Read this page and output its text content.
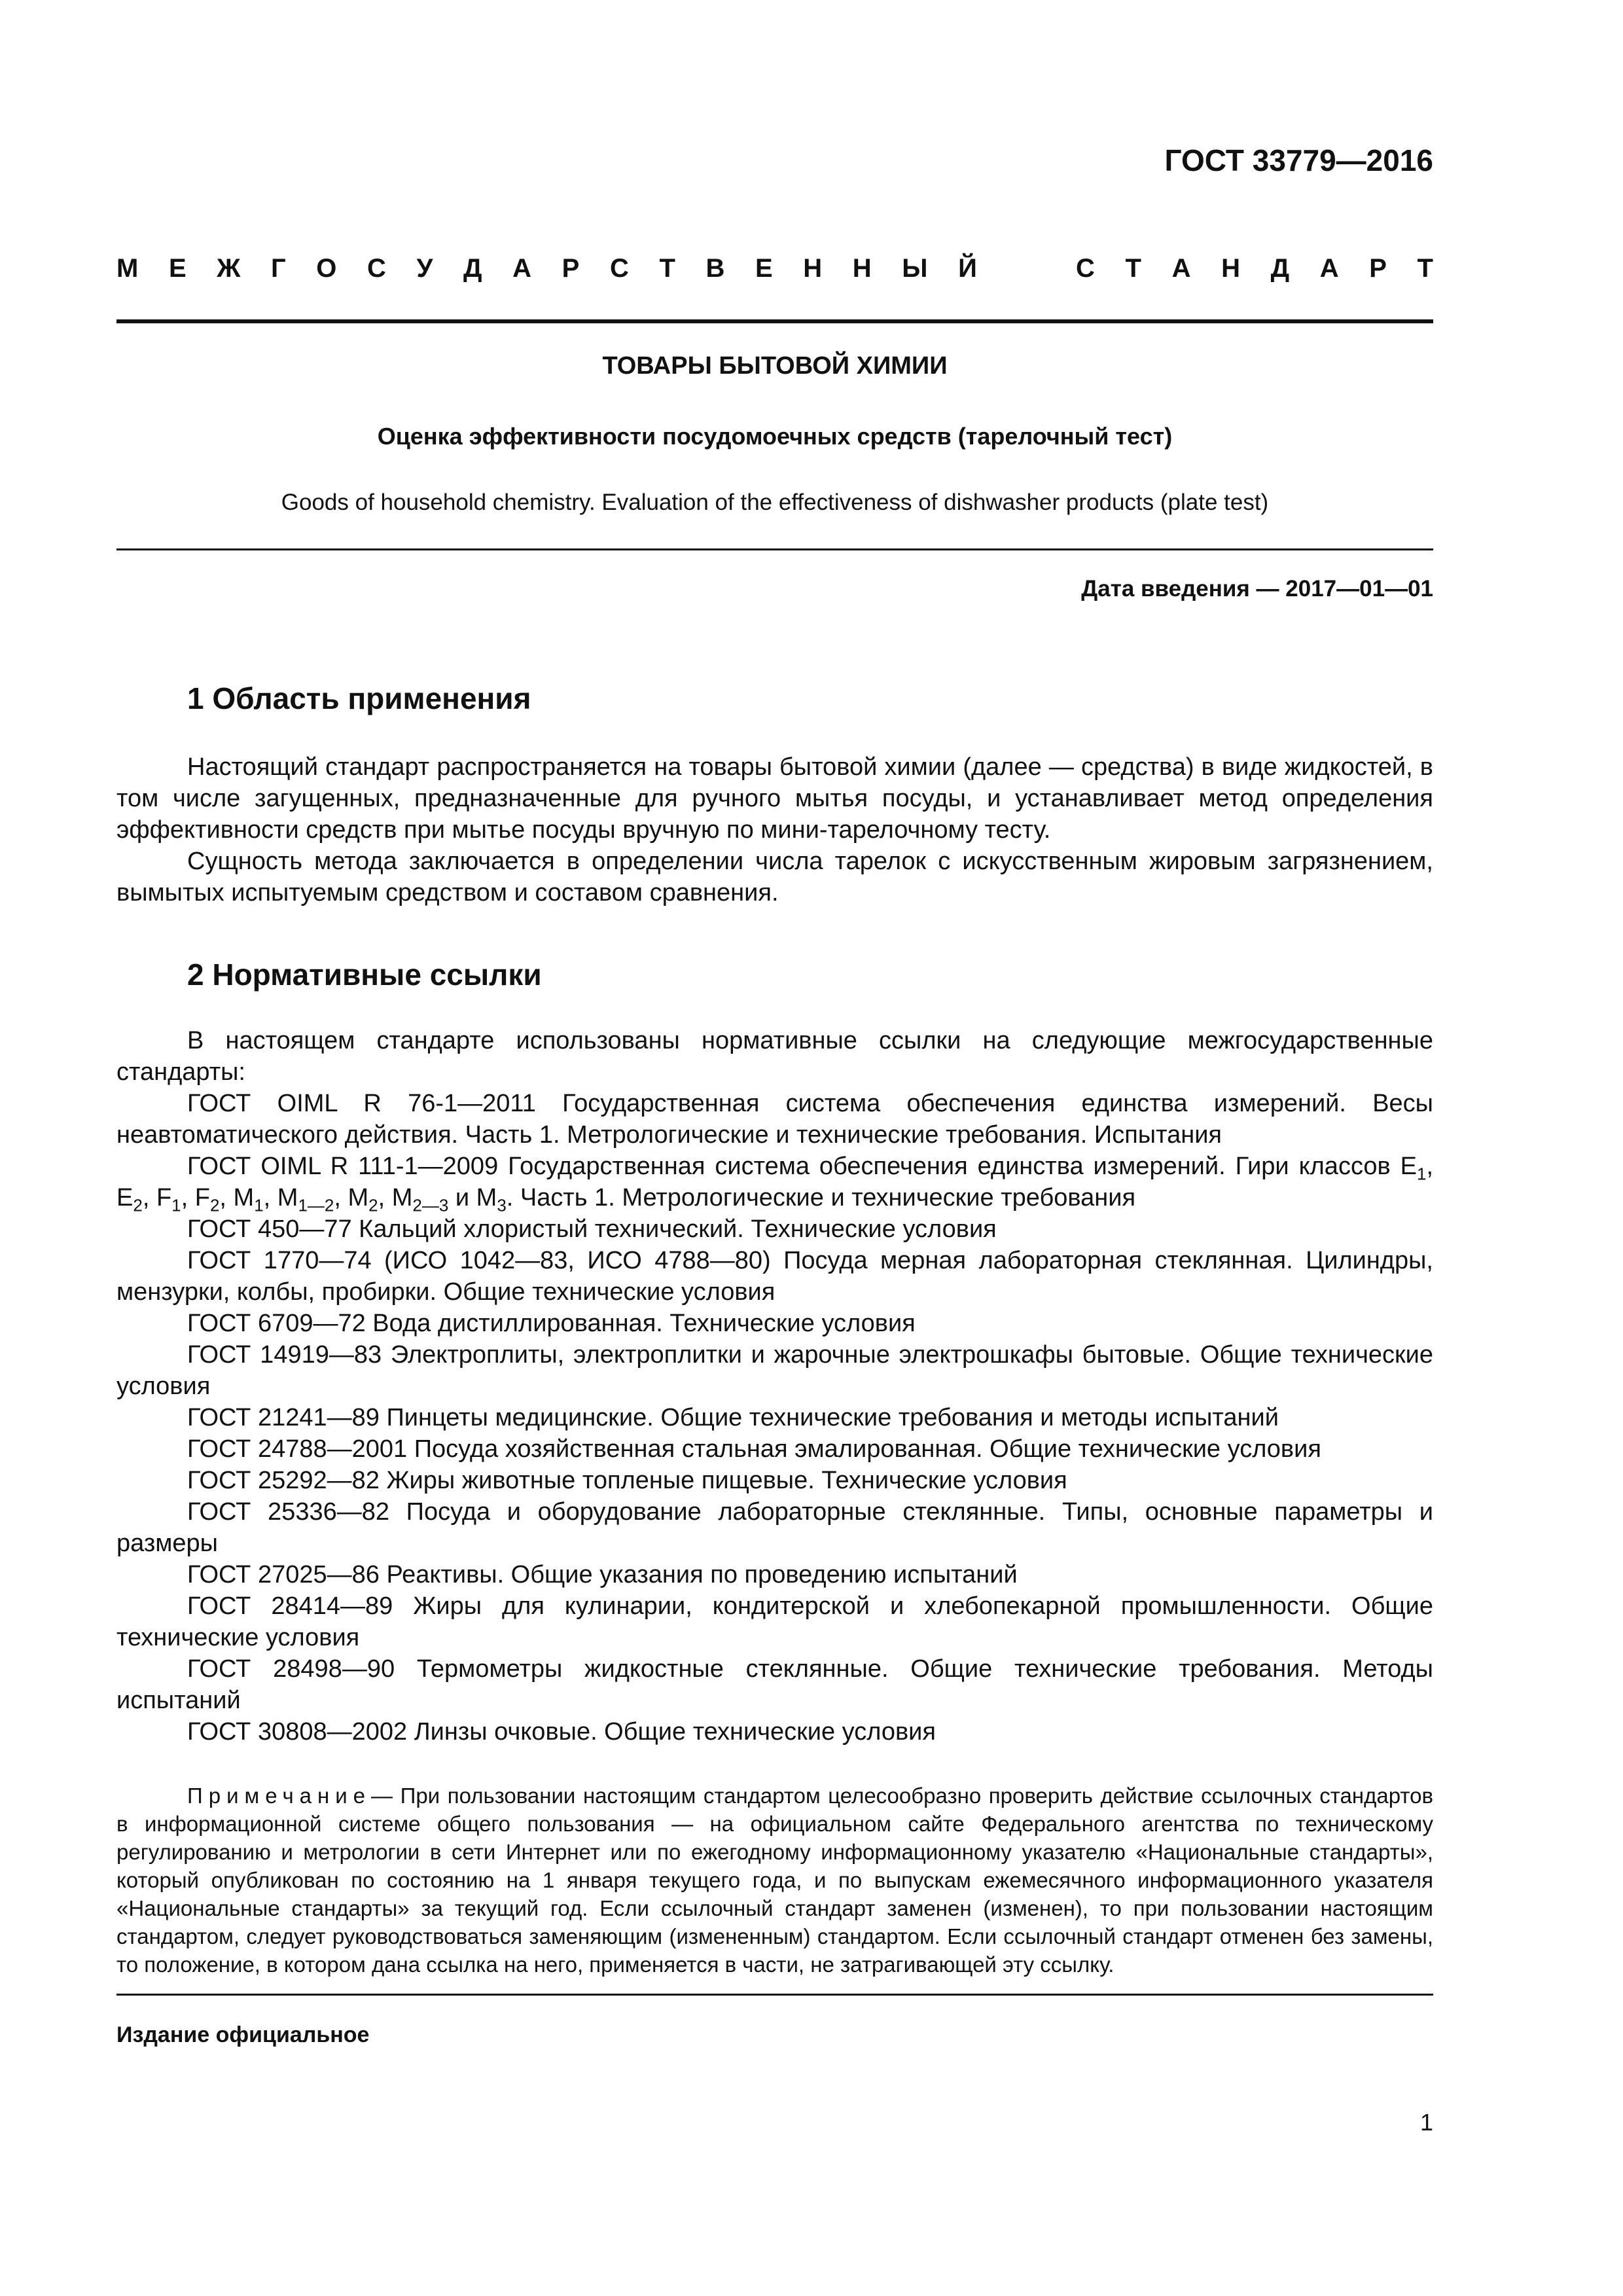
ГОСТ 33779—2016
М Е Ж Г О С У Д А Р С Т В Е Н Н Ы Й	С Т А Н Д А Р Т
ТОВАРЫ БЫТОВОЙ ХИМИИ
Оценка эффективности посудомоечных средств (тарелочный тест)
Goods of household chemistry. Evaluation of the effectiveness of dishwasher products (plate test)
Дата введения — 2017—01—01
1 Область применения

Настоящий стандарт распространяется на товары бытовой химии (далее — средства) в виде жидкостей, в том числе загущенных, предназначенные для ручного мытья посуды, и устанавливает метод определения эффективности средств при мытье посуды вручную по мини-тарелочному тесту.

Сущность метода заключается в определении числа тарелок с искусственным жировым загрязнением, вымытых испытуемым средством и составом сравнения.

2 Нормативные ссылки

В настоящем стандарте использованы нормативные ссылки на следующие межгосударственные стандарты:

ГОСТ OIML R 76-1—2011 Государственная система обеспечения единства измерений. Весы неавтоматического действия. Часть 1. Метрологические и технические требования. Испытания

ГОСТ OIML R 111-1—2009 Государственная система обеспечения единства измерений. Гири классов $E_1$, $E_2$, $F_1$, $F_2$, $M_1$, $M_{1—2}$, $M_2$, $M_{2—3}$ и $M_3$. Часть 1. Метрологические и технические требования

ГОСТ 450—77 Кальций хлористый технический. Технические условия

ГОСТ 1770—74 (ИСО 1042—83, ИСО 4788—80) Посуда мерная лабораторная стеклянная. Цилиндры, мензурки, колбы, пробирки. Общие технические условия

ГОСТ 6709—72 Вода дистиллированная. Технические условия

ГОСТ 14919—83 Электроплиты, электроплитки и жарочные электрошкафы бытовые. Общие технические условия

ГОСТ 21241—89 Пинцеты медицинские. Общие технические требования и методы испытаний

ГОСТ 24788—2001 Посуда хозяйственная стальная эмалированная. Общие технические условия

ГОСТ 25292—82 Жиры животные топленые пищевые. Технические условия

ГОСТ 25336—82 Посуда и оборудование лабораторные стеклянные. Типы, основные параметры и размеры

ГОСТ 27025—86 Реактивы. Общие указания по проведению испытаний

ГОСТ 28414—89 Жиры для кулинарии, кондитерской и хлебопекарной промышленности. Общие технические условия

ГОСТ 28498—90 Термометры жидкостные стеклянные. Общие технические требования. Методы испытаний

ГОСТ 30808—2002 Линзы очковые. Общие технические условия

Примечание— При пользовании настоящим стандартом целесообразно проверить действие ссылочных стандартов в информационной системе общего пользования — на официальном сайте Федерального агентства по техническому регулированию и метрологии в сети Интернет или по ежегодному информационному указателю «Национальные стандарты», который опубликован по состоянию на 1 января текущего года, и по выпускам ежемесячного информационного указателя «Национальные стандарты» за текущий год. Если ссылочный стандарт заменен (изменен), то при пользовании настоящим стандартом, следует руководствоваться заменяющим (измененным) стандартом. Если ссылочный стандарт отменен без замены, то положение, в котором дана ссылка на него, применяется в части, не затрагивающей эту ссылку.

Издание официальное
1
